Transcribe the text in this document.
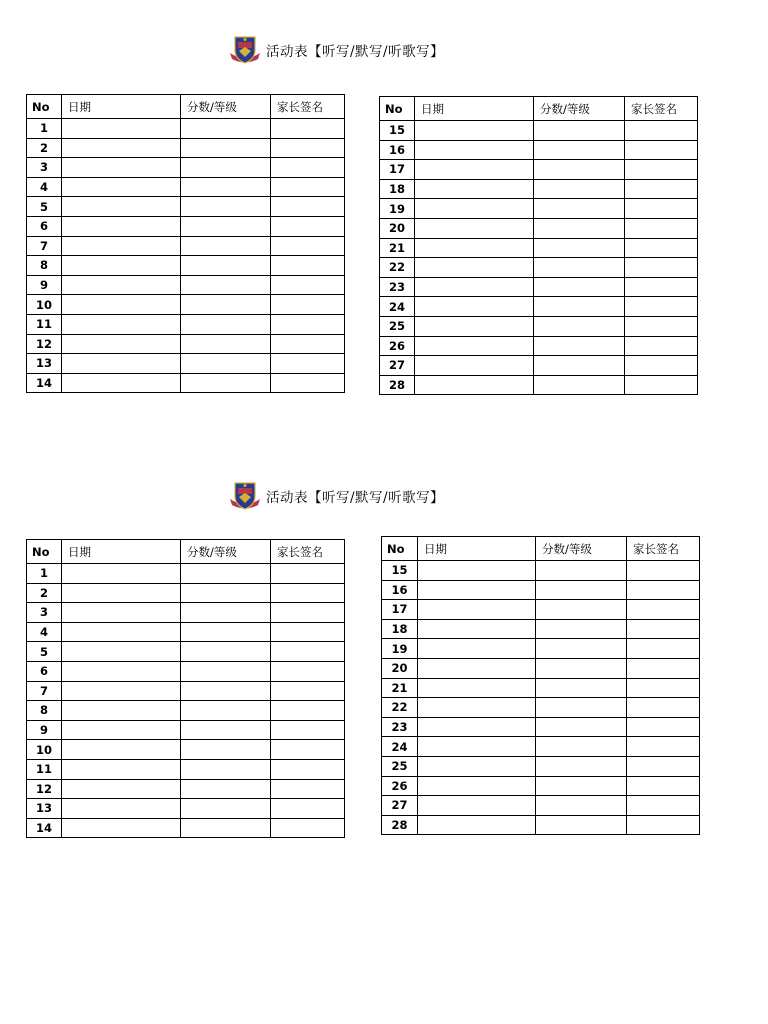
活动表【听写/默写/听歌写】
No	日期	分数/等级	家长签名
1			
2			
3			
4			
5			
6			
7			
8			
9			
10			
11			
12			
13			
14			
No	日期	分数/等级	家长签名
15			
16			
17			
18			
19			
20			
21			
22			
23			
24			
25			
26			
27			
28			
活动表【听写/默写/听歌写】
No	日期	分数/等级	家长签名
1			
2			
3			
4			
5			
6			
7			
8			
9			
10			
11			
12			
13			
14			
No	日期	分数/等级	家长签名
15			
16			
17			
18			
19			
20			
21			
22			
23			
24			
25			
26			
27			
28			
